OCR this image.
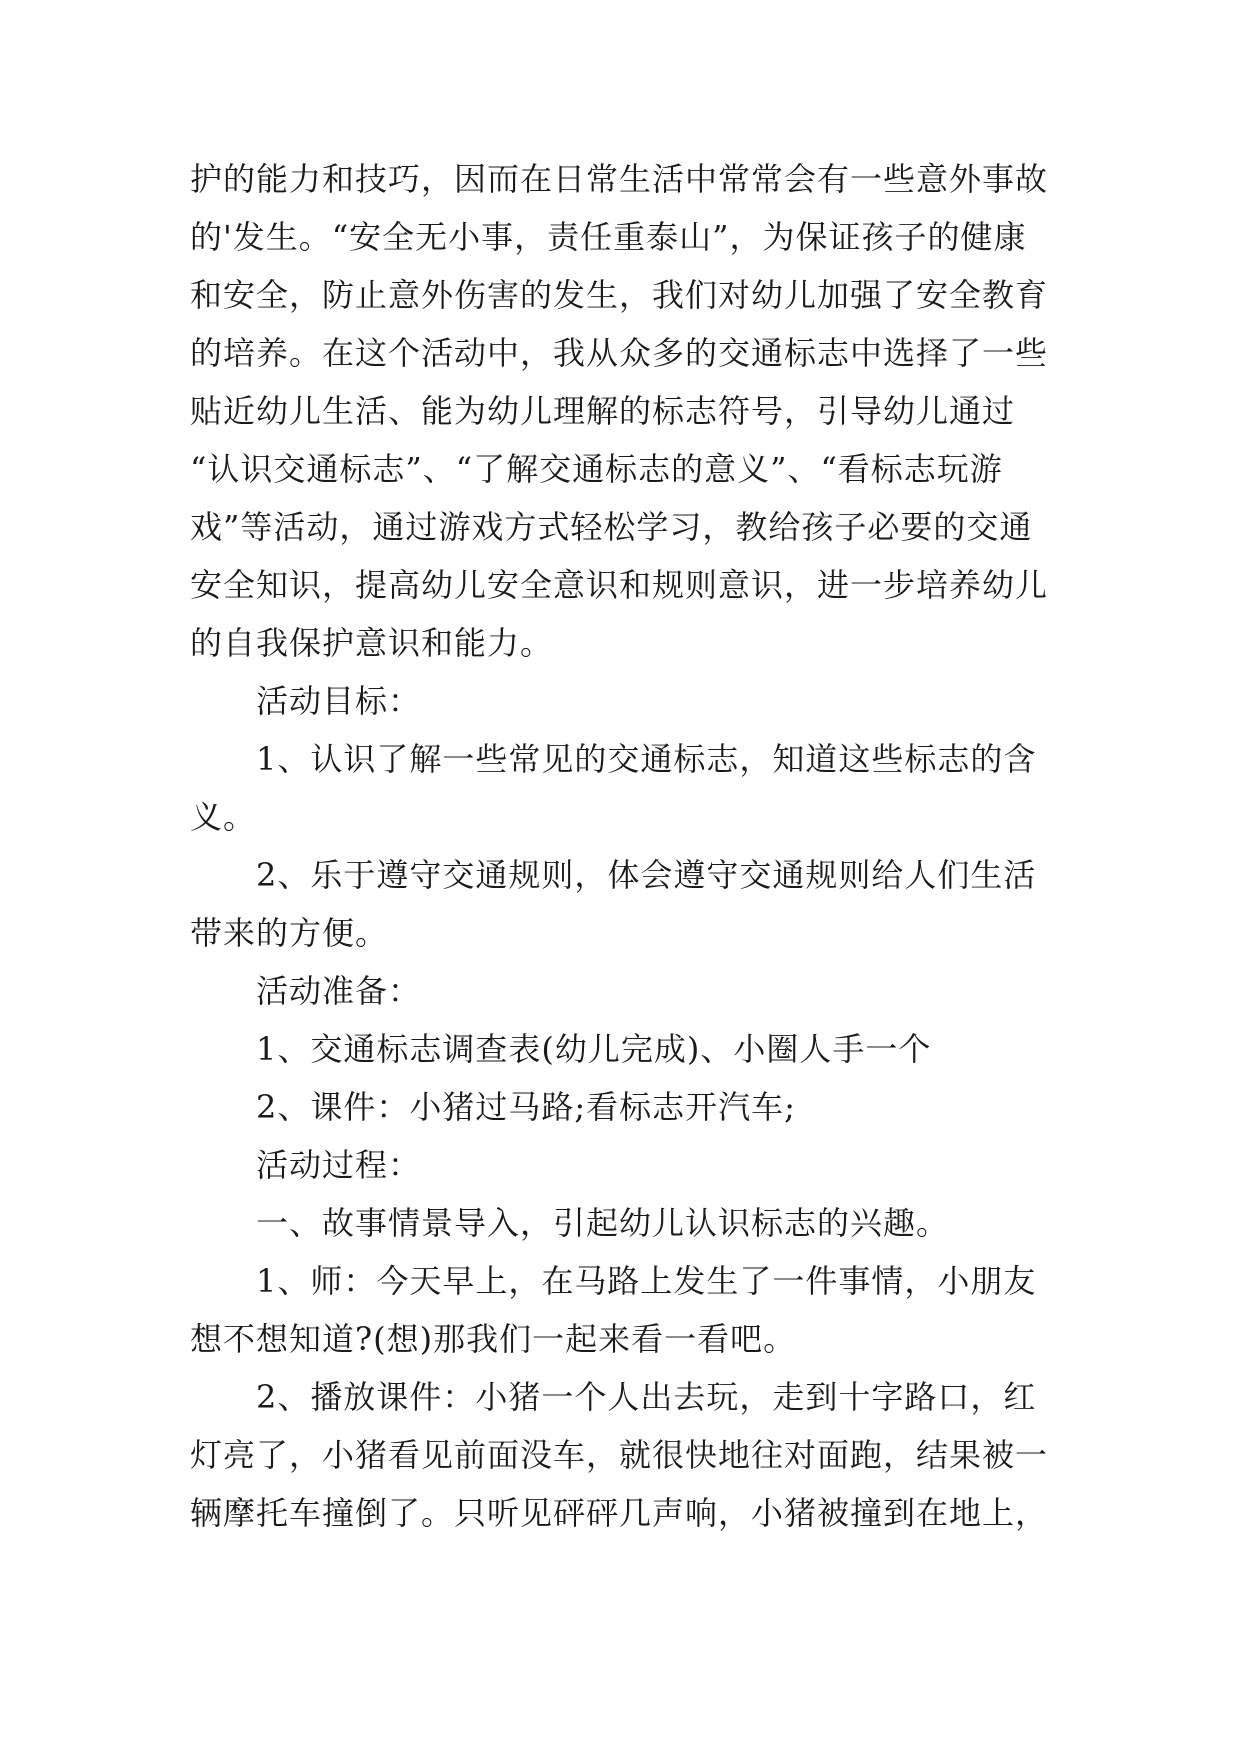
护的能力和技巧，因而在日常生活中常常会有一些意外事故
的'发生。“安全无小事，责任重泰山”，为保证孩子的健康
和安全，防止意外伤害的发生，我们对幼儿加强了安全教育
的培养。在这个活动中，我从众多的交通标志中选择了一些
贴近幼儿生活、能为幼儿理解的标志符号，引导幼儿通过
“认识交通标志”、“了解交通标志的意义”、“看标志玩游
戏”等活动，通过游戏方式轻松学习，教给孩子必要的交通
安全知识，提高幼儿安全意识和规则意识，进一步培养幼儿
的自我保护意识和能力。
　　活动目标：
　　1、认识了解一些常见的交通标志，知道这些标志的含
义。
　　2、乐于遵守交通规则，体会遵守交通规则给人们生活
带来的方便。
　　活动准备：
　　1、交通标志调查表(幼儿完成)、小圈人手一个
　　2、课件：小猪过马路;看标志开汽车;
　　活动过程：
　　一、故事情景导入，引起幼儿认识标志的兴趣。
　　1、师：今天早上，在马路上发生了一件事情，小朋友
想不想知道?(想)那我们一起来看一看吧。
　　2、播放课件：小猪一个人出去玩，走到十字路口，红
灯亮了，小猪看见前面没车，就很快地往对面跑，结果被一
辆摩托车撞倒了。只听见砰砰几声响，小猪被撞到在地上，
